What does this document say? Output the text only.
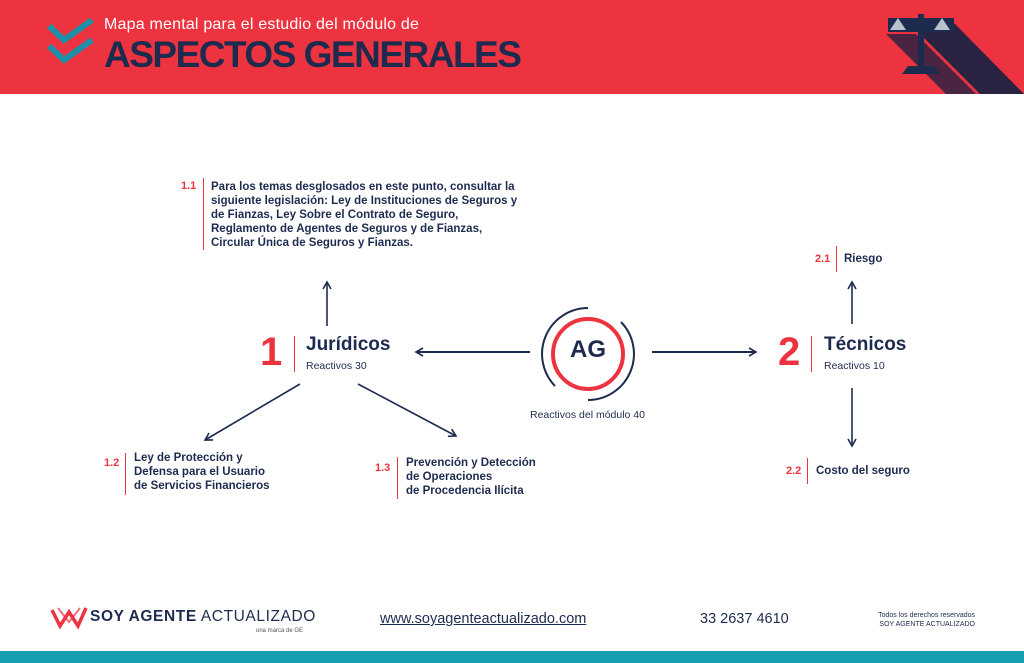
Mapa mental para el estudio del módulo de
ASPECTOS GENERALES
AG
Reactivos del módulo 40
1 Jurídicos
Reactivos 30	2 Técnicos
Reactivos 10
1.1 Para los temas desglosados en este punto, consultar la
siguiente legislación: Ley de Instituciones de Seguros y
de Fianzas, Ley Sobre el Contrato de Seguro,
Reglamento de Agentes de Seguros y de Fianzas,
Circular Única de Seguros y Fianzas.
1.2 Ley de Protección y
Defensa para el Usuario
de Servicios Financieros
1.3 Prevención y Detección
de Operaciones
de Procedencia Ilícita
2.1 Riesgo
2.2 Costo del seguro
SOY AGENTE ACTUALIZADO
una marca de GE
www.soyagenteactualizado.com	33 2637 4610	Todos los derechos reservados
SOY AGENTE ACTUALIZADO
